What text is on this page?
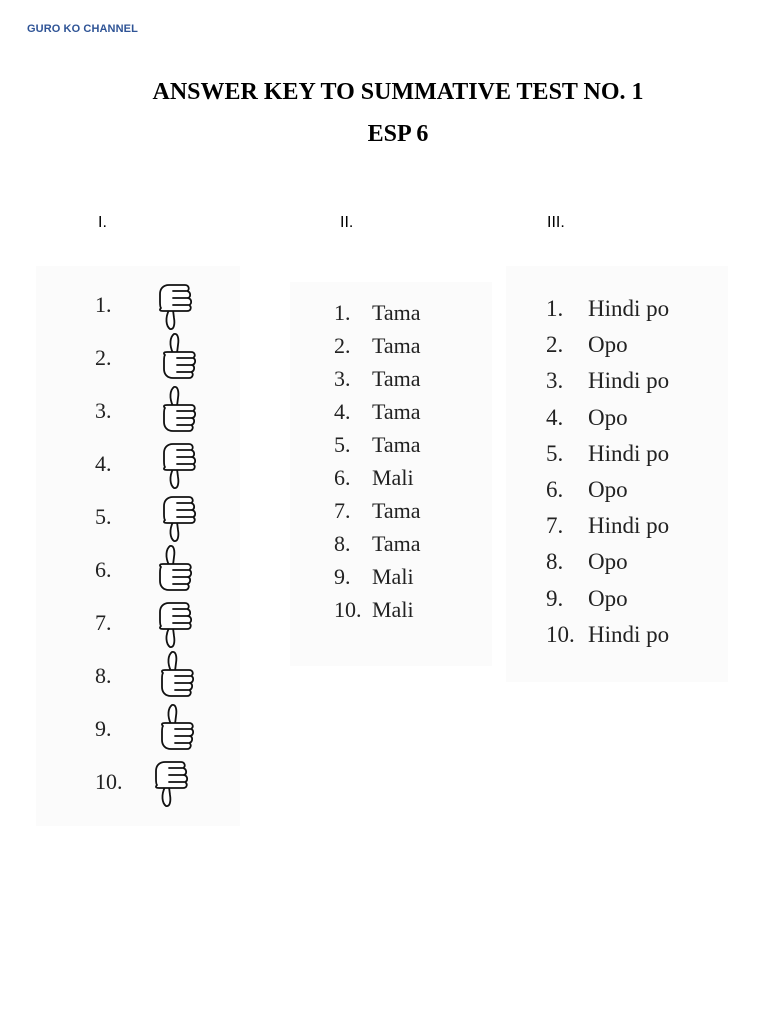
GURO KO CHANNEL
ANSWER KEY TO SUMMATIVE TEST NO. 1
ESP 6
I.	II.	III.
1.
2.
3.
4.
5.
6.
7.
8.
9.
10.
1. Tama
2. Tama
3. Tama
4. Tama
5. Tama
6. Mali
7. Tama
8. Tama
9. Mali
10. Mali
1. Hindi po
2. Opo
3. Hindi po
4. Opo
5. Hindi po
6. Opo
7. Hindi po
8. Opo
9. Opo
10. Hindi po
